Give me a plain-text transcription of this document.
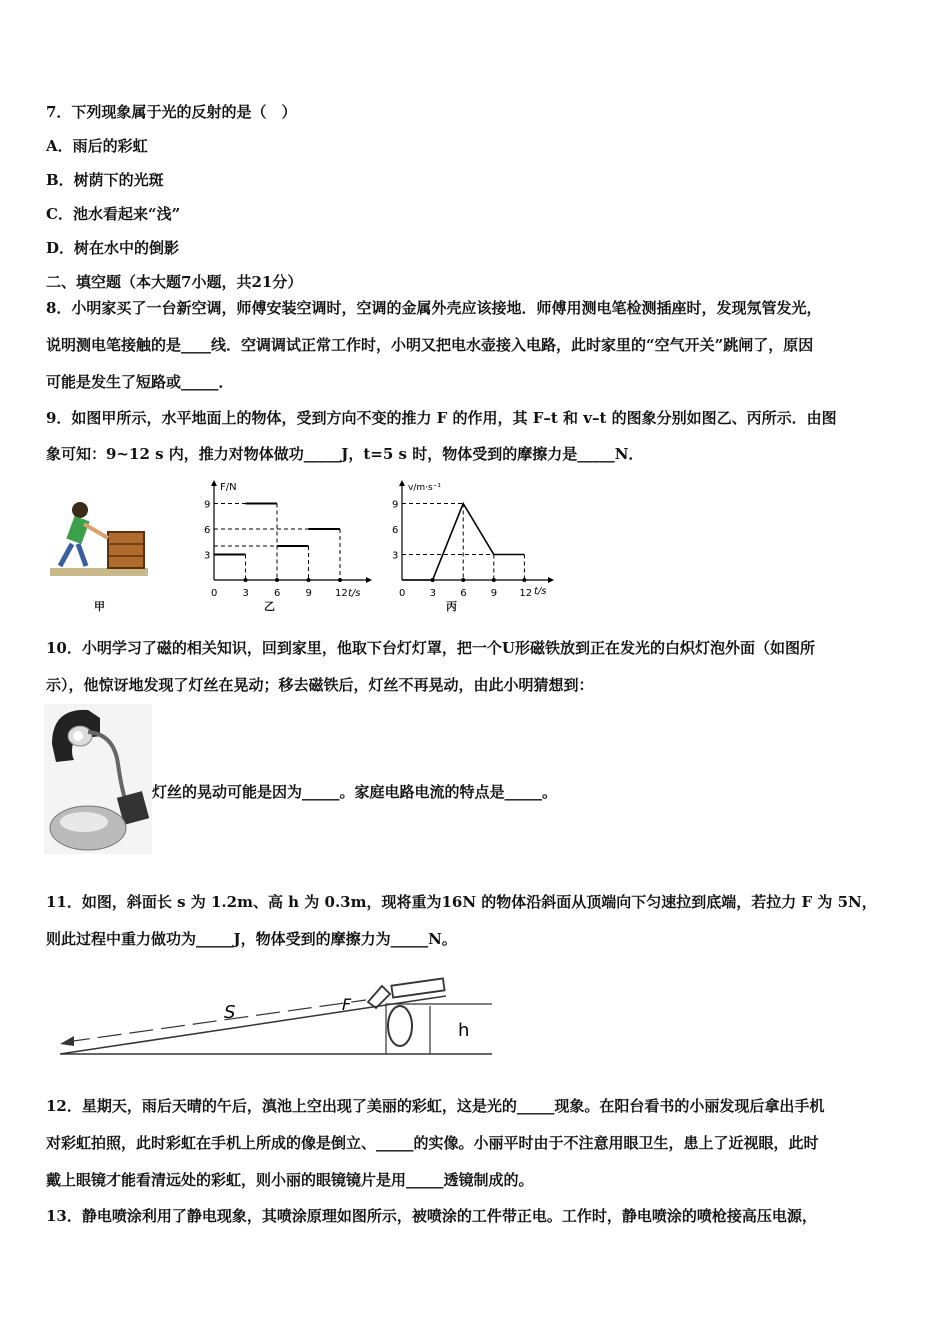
7．下列现象属于光的反射的是（　）
A．雨后的彩虹
B．树荫下的光斑
C．池水看起来“浅”
D．树在水中的倒影
二、填空题（本大题7小题，共21分）
8．小明家买了一台新空调，师傅安装空调时，空调的金属外壳应该接地．师傅用测电笔检测插座时，发现氖管发光，
说明测电笔接触的是____线．空调调试正常工作时，小明又把电水壶接入电路，此时家里的“空气开关”跳闸了，原因
可能是发生了短路或_____．
9．如图甲所示，水平地面上的物体，受到方向不变的推力 F 的作用，其 F–t 和 v–t 的图象分别如图乙、丙所示．由图
象可知：9~12 s 内，推力对物体做功_____J，t=5 s 时，物体受到的摩擦力是_____N．
甲
F/N
t/s
0	3	6	9 12
3
6
9
乙
v/m·s⁻¹
t/s
0 3 6 9 12
3
6
9
丙
10．小明学习了磁的相关知识，回到家里，他取下台灯灯罩，把一个U形磁铁放到正在发光的白炽灯泡外面（如图所
示），他惊讶地发现了灯丝在晃动；移去磁铁后，灯丝不再晃动，由此小明猜想到：
灯丝的晃动可能是因为_____。家庭电路电流的特点是_____。
11．如图，斜面长 s 为 1.2m、高 h 为 0.3m，现将重为16N 的物体沿斜面从顶端向下匀速拉到底端，若拉力 F 为 5N，
则此过程中重力做功为_____J，物体受到的摩擦力为_____N。
S	F
h
12．星期天，雨后天晴的午后，滇池上空出现了美丽的彩虹，这是光的_____现象。在阳台看书的小丽发现后拿出手机
对彩虹拍照，此时彩虹在手机上所成的像是倒立、_____的实像。小丽平时由于不注意用眼卫生，患上了近视眼，此时
戴上眼镜才能看清远处的彩虹，则小丽的眼镜镜片是用_____透镜制成的。
13．静电喷涂利用了静电现象，其喷涂原理如图所示，被喷涂的工件带正电。工作时，静电喷涂的喷枪接高压电源，
